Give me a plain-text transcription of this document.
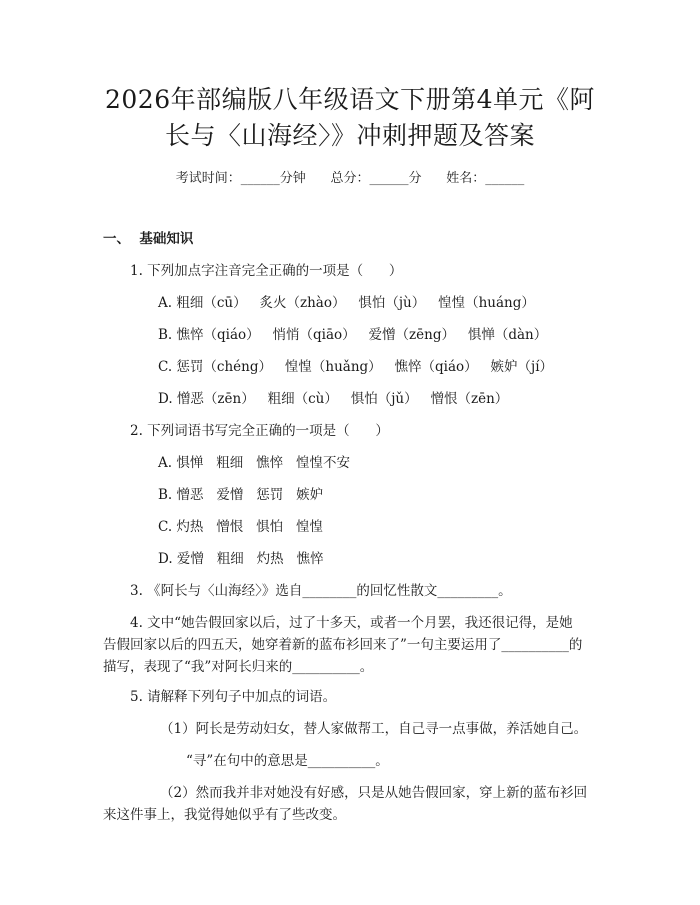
2026年部编版八年级语文下册第4单元《阿
长与〈山海经〉》冲刺押题及答案
考试时间：______分钟      总分：______分      姓名：______
一、  基础知识
1. 下列加点字注音完全正确的一项是（      ）
A. 粗细（cū）   炙火（zhào）   惧怕（jù）   惶惶（huáng）
B. 憔悴（qiáo）   悄悄（qiāo）   爱憎（zēng）   惧惮（dàn）
C. 惩罚（chéng）   惶惶（huǎng）   憔悴（qiáo）   嫉妒（jí）
D. 憎恶（zēn）   粗细（cù）   惧怕（jǔ）   憎恨（zēn）
2. 下列词语书写完全正确的一项是（      ）
A. 惧惮   粗细   憔悴   惶惶不安
B. 憎恶   爱憎   惩罚   嫉妒
C. 灼热   憎恨   惧怕   惶惶
D. 爱憎   粗细   灼热   憔悴
3. 《阿长与〈山海经〉》选自________的回忆性散文_________。
4. 文中“她告假回家以后，过了十多天，或者一个月罢，我还很记得，是她
告假回家以后的四五天，她穿着新的蓝布衫回来了”一句主要运用了__________的
描写，表现了“我”对阿长归来的__________。
5. 请解释下列句子中加点的词语。
（1）阿长是劳动妇女，替人家做帮工，自己寻一点事做，养活她自己。
“寻”在句中的意思是__________。
（2）然而我并非对她没有好感，只是从她告假回家，穿上新的蓝布衫回
来这件事上，我觉得她似乎有了些改变。
